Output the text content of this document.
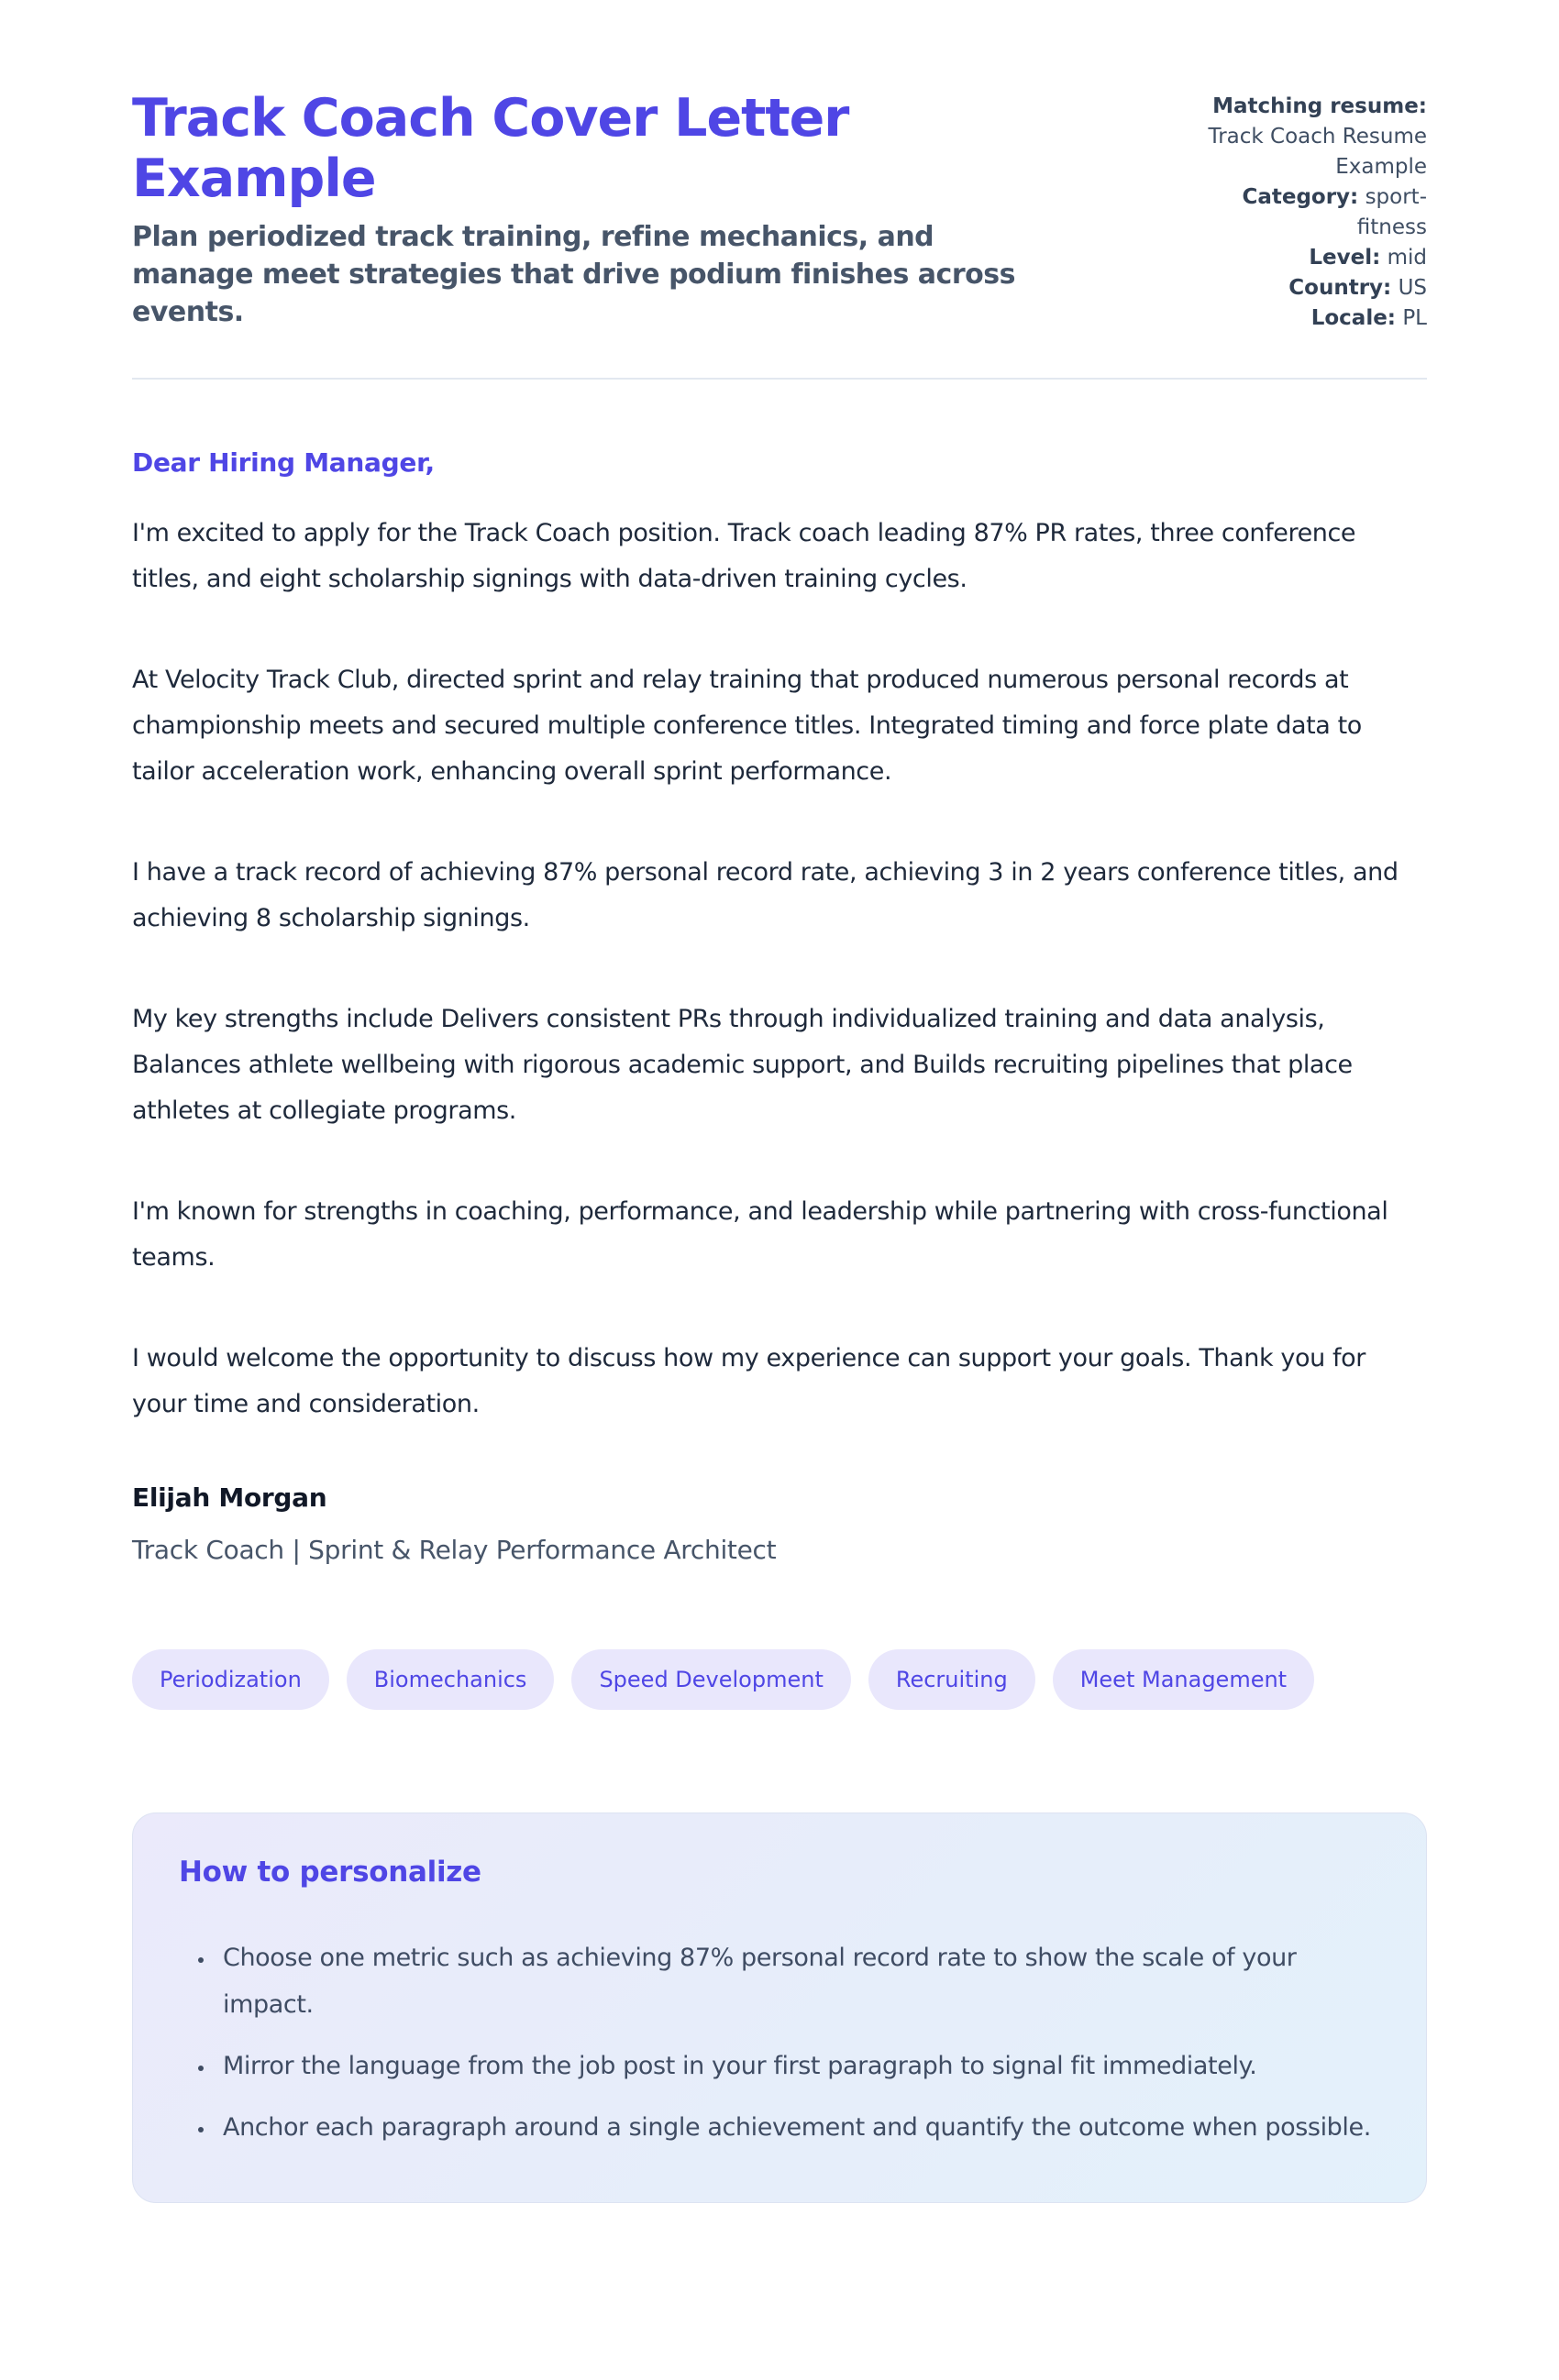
Track Coach Cover Letter Example
Plan periodized track training, refine mechanics, and manage meet strategies that drive podium finishes across events.
Matching resume: Track Coach Resume Example
Category: sport-fitness
Level: mid
Country: US
Locale: PL
Dear Hiring Manager,

I'm excited to apply for the Track Coach position. Track coach leading 87% PR rates, three conference titles, and eight scholarship signings with data-driven training cycles.

At Velocity Track Club, directed sprint and relay training that produced numerous personal records at championship meets and secured multiple conference titles. Integrated timing and force plate data to tailor acceleration work, enhancing overall sprint performance.

I have a track record of achieving 87% personal record rate, achieving 3 in 2 years conference titles, and achieving 8 scholarship signings.

My key strengths include Delivers consistent PRs through individualized training and data analysis, Balances athlete wellbeing with rigorous academic support, and Builds recruiting pipelines that place athletes at collegiate programs.

I'm known for strengths in coaching, performance, and leadership while partnering with cross-functional teams.

I would welcome the opportunity to discuss how my experience can support your goals. Thank you for your time and consideration.

Elijah Morgan
Track Coach | Sprint & Relay Performance Architect
Periodization	Biomechanics	Speed Development	Recruiting	Meet Management
How to personalize
• Choose one metric such as achieving 87% personal record rate to show the scale of your impact.
• Mirror the language from the job post in your first paragraph to signal fit immediately.
• Anchor each paragraph around a single achievement and quantify the outcome when possible.
